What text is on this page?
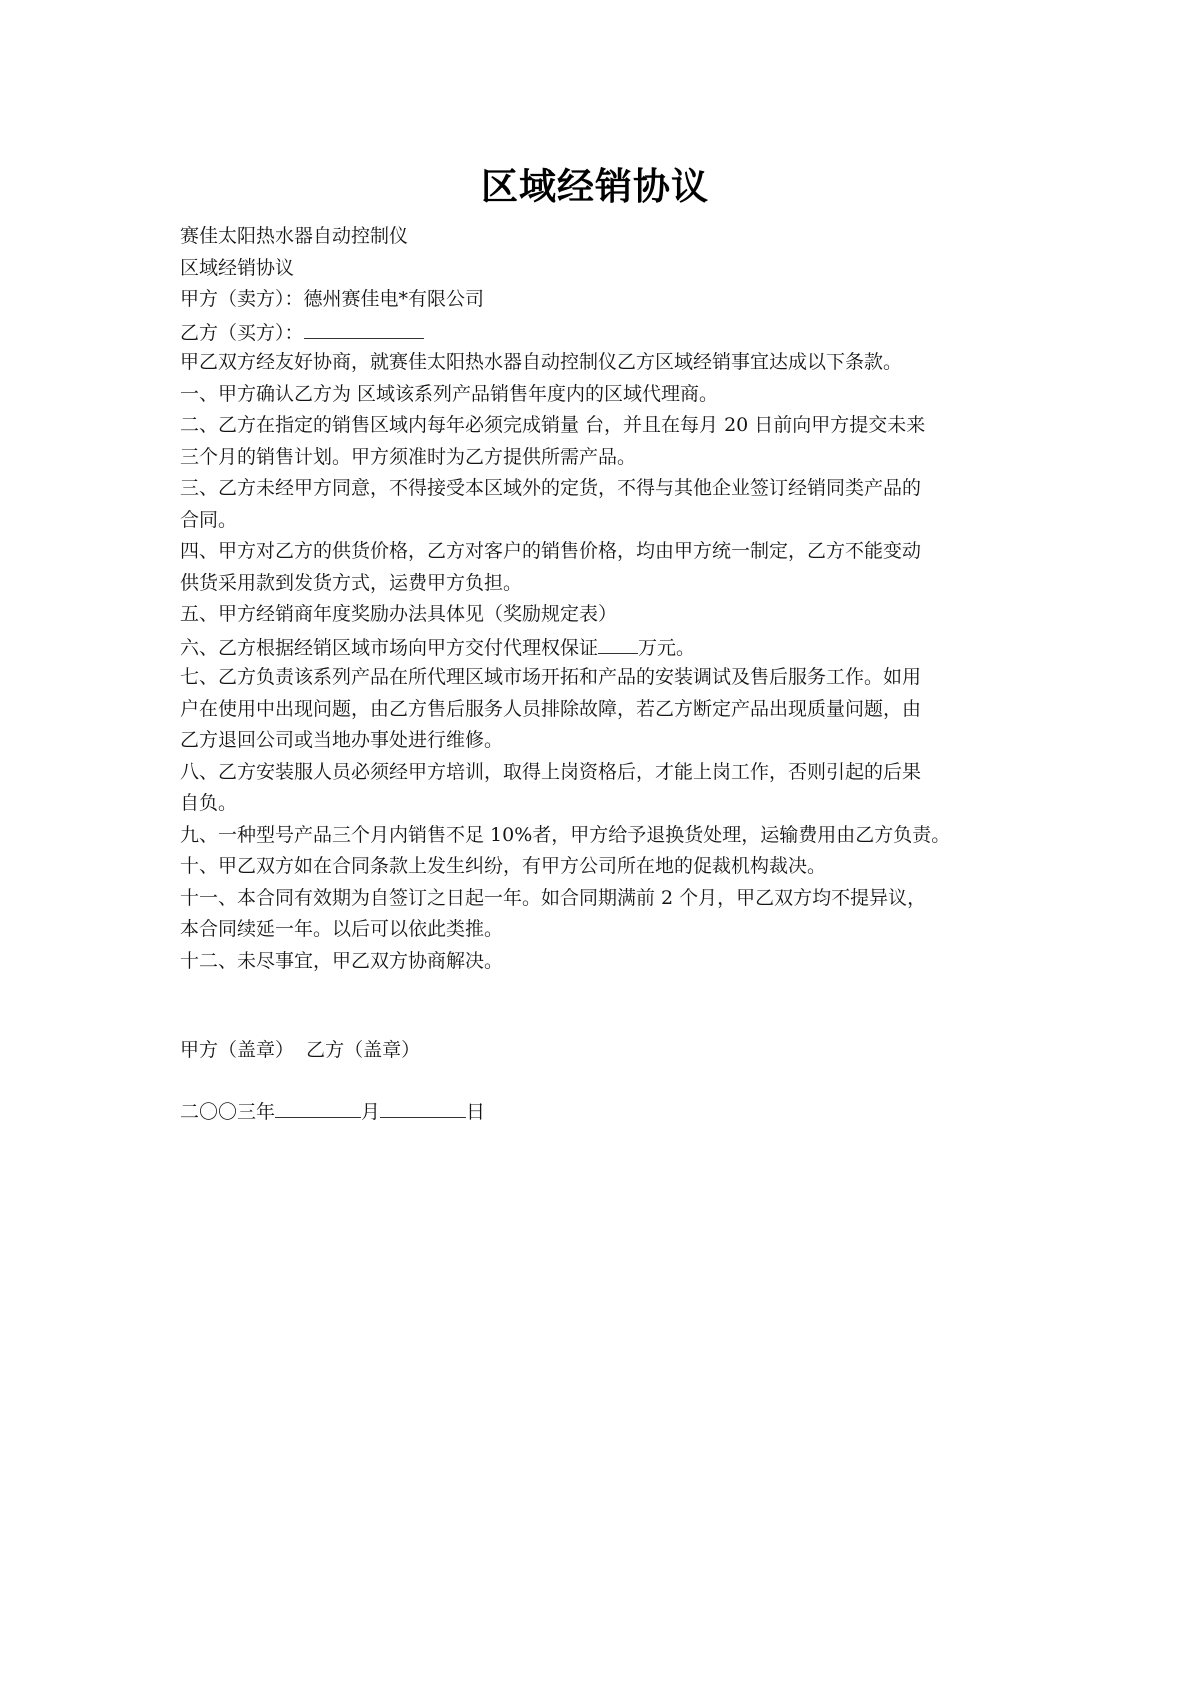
区域经销协议
赛佳太阳热水器自动控制仪
区域经销协议
甲方（卖方）：德州赛佳电*有限公司
乙方（买方）：
甲乙双方经友好协商，就赛佳太阳热水器自动控制仪乙方区域经销事宜达成以下条款。
一、甲方确认乙方为 区域该系列产品销售年度内的区域代理商。
二、乙方在指定的销售区域内每年必须完成销量 台，并且在每月 20 日前向甲方提交未来
三个月的销售计划。甲方须准时为乙方提供所需产品。
三、乙方未经甲方同意，不得接受本区域外的定货，不得与其他企业签订经销同类产品的
合同。
四、甲方对乙方的供货价格，乙方对客户的销售价格，均由甲方统一制定，乙方不能变动
供货采用款到发货方式，运费甲方负担。
五、甲方经销商年度奖励办法具体见（奖励规定表）
六、乙方根据经销区域市场向甲方交付代理权保证 万元。
七、乙方负责该系列产品在所代理区域市场开拓和产品的安装调试及售后服务工作。如用
户在使用中出现问题，由乙方售后服务人员排除故障，若乙方断定产品出现质量问题，由
乙方退回公司或当地办事处进行维修。
八、乙方安装服人员必须经甲方培训，取得上岗资格后，才能上岗工作，否则引起的后果
自负。
九、一种型号产品三个月内销售不足 10%者，甲方给予退换货处理，运输费用由乙方负责。
十、甲乙双方如在合同条款上发生纠纷，有甲方公司所在地的促裁机构裁决。
十一、本合同有效期为自签订之日起一年。如合同期满前 2 个月，甲乙双方均不提异议，
本合同续延一年。以后可以依此类推。
十二、未尽事宜，甲乙双方协商解决。
甲方（盖章） 乙方（盖章）
二〇〇三年	月	日
